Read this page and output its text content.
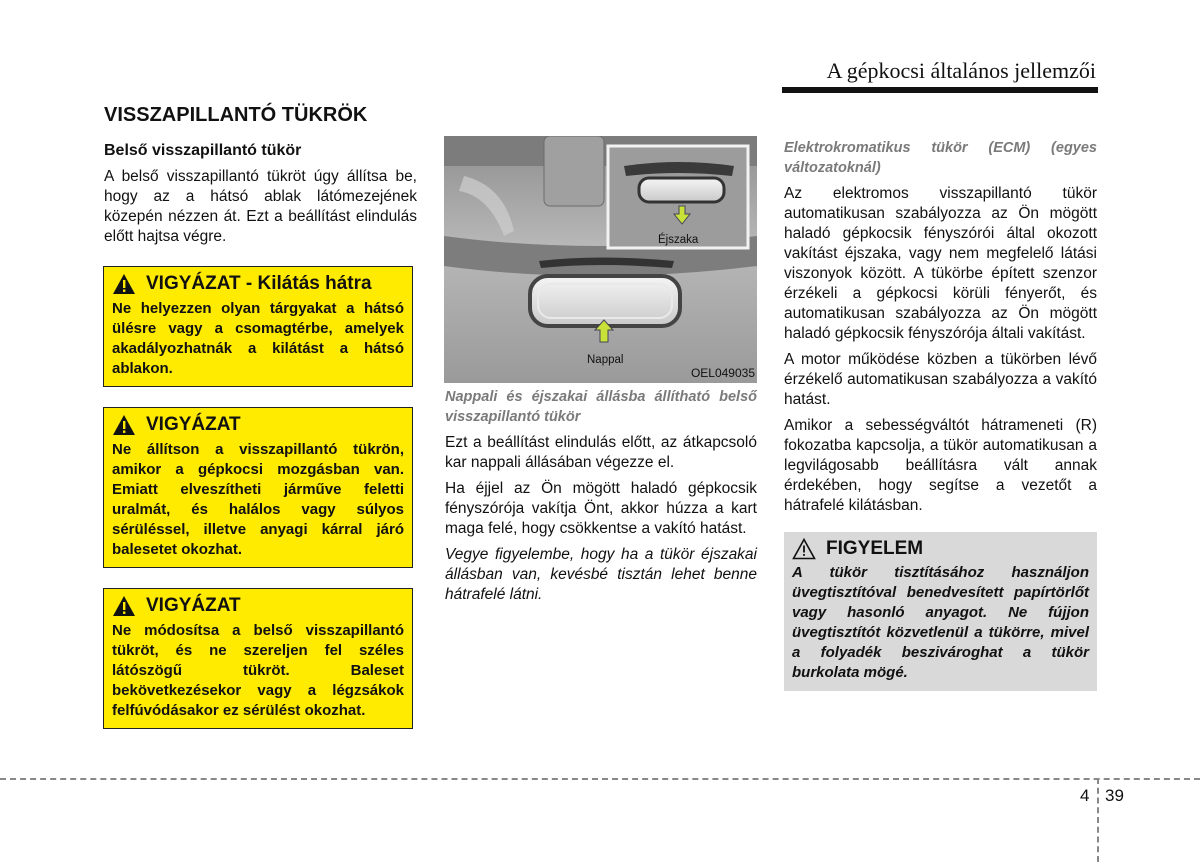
A gépkocsi általános jellemzői
VISSZAPILLANTÓ TÜKRÖK
Belső visszapillantó tükör

A belső visszapillantó tükröt úgy állítsa be, hogy az a hátsó ablak látómezejének közepén nézzen át. Ezt a beállítást elindulás előtt hajtsa végre.

VIGYÁZAT - Kilátás hátra
Ne helyezzen olyan tárgyakat a hátsó ülésre vagy a csomagtérbe, amelyek akadályozhatnák a kilátást a hátsó ablakon.
VIGYÁZAT
Ne állítson a visszapillantó tükrön, amikor a gépkocsi mozgásban van. Emiatt elveszítheti járműve feletti uralmát, és halálos vagy súlyos sérüléssel, illetve anyagi kárral járó balesetet okozhat.
VIGYÁZAT
Ne módosítsa a belső visszapillantó tükröt, és ne szereljen fel széles látószögű tükröt. Baleset bekövetkezésekor vagy a légzsákok felfúvódásakor ez sérülést okozhat.
Éjszaka
Nappal
OEL049035

Nappali és éjszakai állásba állítható belső visszapillantó tükör

Ezt a beállítást elindulás előtt, az átkapcsoló kar nappali állásában végezze el.

Ha éjjel az Ön mögött haladó gépkocsik fényszórója vakítja Önt, akkor húzza a kart maga felé, hogy csökkentse a vakító hatást.

Vegye figyelembe, hogy ha a tükör éjszakai állásban van, kevésbé tisztán lehet benne hátrafelé látni.

Elektrokromatikus tükör (ECM) (egyes változatoknál)

Az elektromos visszapillantó tükör automatikusan szabályozza az Ön mögött haladó gépkocsik fényszórói által okozott vakítást éjszaka, vagy nem megfelelő látási viszonyok között. A tükörbe épített szenzor érzékeli a gépkocsi körüli fényerőt, és automatikusan szabályozza az Ön mögött haladó gépkocsik fényszórója általi vakítást.

A motor működése közben a tükörben lévő érzékelő automatikusan szabályozza a vakító hatást.

Amikor a sebességváltót hátrameneti (R) fokozatba kapcsolja, a tükör automatikusan a legvilágosabb beállításra vált annak érdekében, hogy segítse a vezetőt a hátrafelé kilátásban.

FIGYELEM
A tükör tisztításához használjon üvegtisztítóval benedvesített papírtörlőt vagy hasonló anyagot. Ne fújjon üvegtisztítót közvetlenül a tükörre, mivel a folyadék beszivároghat a tükör burkolata mögé.
4 39
